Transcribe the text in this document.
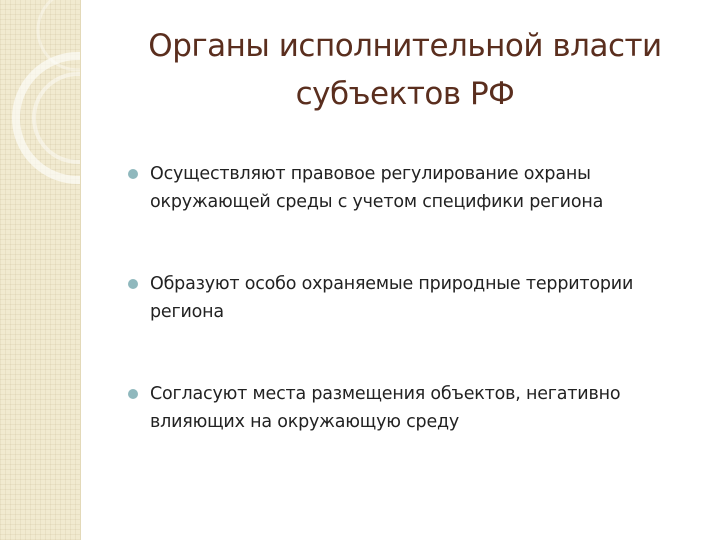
Органы исполнительной власти
субъектов РФ
Осуществляют правовое регулирование охраны окружающей среды с учетом специфики региона
Образуют особо охраняемые природные территории региона
Согласуют места размещения объектов, негативно влияющих на окружающую среду
